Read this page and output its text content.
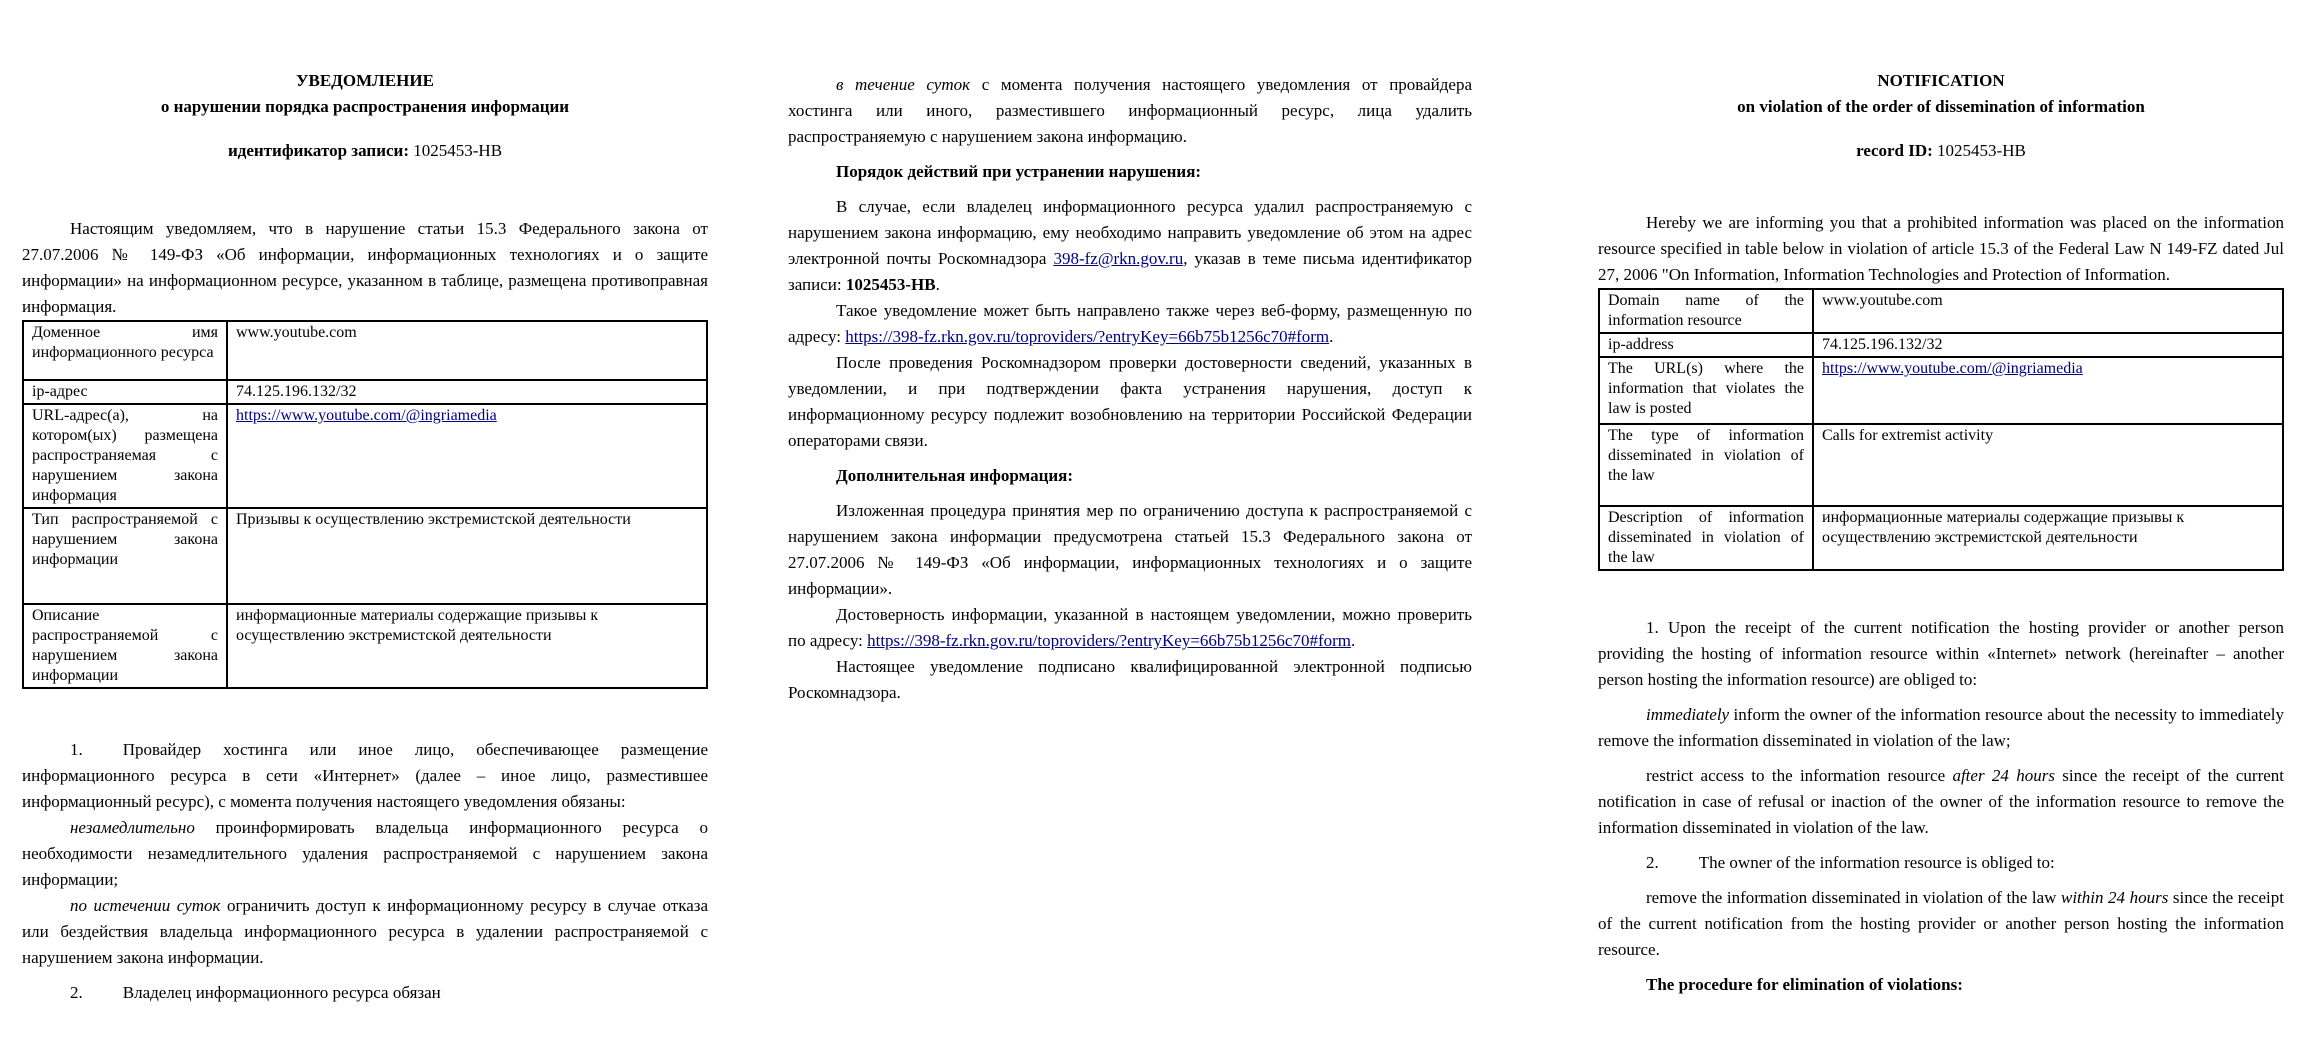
УВЕДОМЛЕНИЕ

о нарушении порядка распространения информации

идентификатор записи: 1025453-НВ

Настоящим уведомляем, что в нарушение статьи 15.3 Федерального закона от 27.07.2006 № 149-ФЗ «Об информации, информационных технологиях и о защите информации» на информационном ресурсе, указанном в таблице, размещена противоправная информация.

Доменное имя информационного ресурса	www.youtube.com
ip-адрес	74.125.196.132/32
URL-адрес(а), на котором(ых) размещена распространяемая с нарушением закона информация	https://www.youtube.com/@ingriamedia
Тип распространяемой с нарушением закона информации	Призывы к осуществлению экстремистской деятельности
Описание распространяемой с нарушением закона информации	информационные материалы содержащие призывы к осуществлению экстремистской деятельности

1. Провайдер хостинга или иное лицо, обеспечивающее размещение информационного ресурса в сети «Интернет» (далее – иное лицо, разместившее информационный ресурс), с момента получения настоящего уведомления обязаны:

незамедлительно проинформировать владельца информационного ресурса о необходимости незамедлительного удаления распространяемой с нарушением закона информации;

по истечении суток ограничить доступ к информационному ресурсу в случае отказа или бездействия владельца информационного ресурса в удалении распространяемой с нарушением закона информации.

2. Владелец информационного ресурса обязан

в течение суток с момента получения настоящего уведомления от провайдера хостинга или иного, разместившего информационный ресурс, лица удалить распространяемую с нарушением закона информацию.

Порядок действий при устранении нарушения:

В случае, если владелец информационного ресурса удалил распространяемую с нарушением закона информацию, ему необходимо направить уведомление об этом на адрес электронной почты Роскомнадзора 398-fz@rkn.gov.ru, указав в теме письма идентификатор записи: 1025453-НВ.

Такое уведомление может быть направлено также через веб-форму, размещенную по адресу: https://398-fz.rkn.gov.ru/toproviders/?entryKey=66b75b1256c70#form.

После проведения Роскомнадзором проверки достоверности сведений, указанных в уведомлении, и при подтверждении факта устранения нарушения, доступ к информационному ресурсу подлежит возобновлению на территории Российской Федерации операторами связи.

Дополнительная информация:

Изложенная процедура принятия мер по ограничению доступа к распространяемой с нарушением закона информации предусмотрена статьей 15.3 Федерального закона от 27.07.2006 № 149-ФЗ «Об информации, информационных технологиях и о защите информации».

Достоверность информации, указанной в настоящем уведомлении, можно проверить по адресу: https://398-fz.rkn.gov.ru/toproviders/?entryKey=66b75b1256c70#form.

Настоящее уведомление подписано квалифицированной электронной подписью Роскомнадзора.

NOTIFICATION

on violation of the order of dissemination of information

record ID: 1025453-HB

Hereby we are informing you that a prohibited information was placed on the information resource specified in table below in violation of article 15.3 of the Federal Law N 149-FZ dated Jul 27, 2006 "On Information, Information Technologies and Protection of Information.

Domain name of the information resource	www.youtube.com
ip-address	74.125.196.132/32
The URL(s) where the information that violates the law is posted	https://www.youtube.com/@ingriamedia
The type of information disseminated in violation of the law	Calls for extremist activity
Description of information disseminated in violation of the law	информационные материалы содержащие призывы к осуществлению экстремистской деятельности

1. Upon the receipt of the current notification the hosting provider or another person providing the hosting of information resource within «Internet» network (hereinafter – another person hosting the information resource) are obliged to:

immediately inform the owner of the information resource about the necessity to immediately remove the information disseminated in violation of the law;

restrict access to the information resource after 24 hours since the receipt of the current notification in case of refusal or inaction of the owner of the information resource to remove the information disseminated in violation of the law.

2. The owner of the information resource is obliged to:

remove the information disseminated in violation of the law within 24 hours since the receipt of the current notification from the hosting provider or another person hosting the information resource.

The procedure for elimination of violations:
